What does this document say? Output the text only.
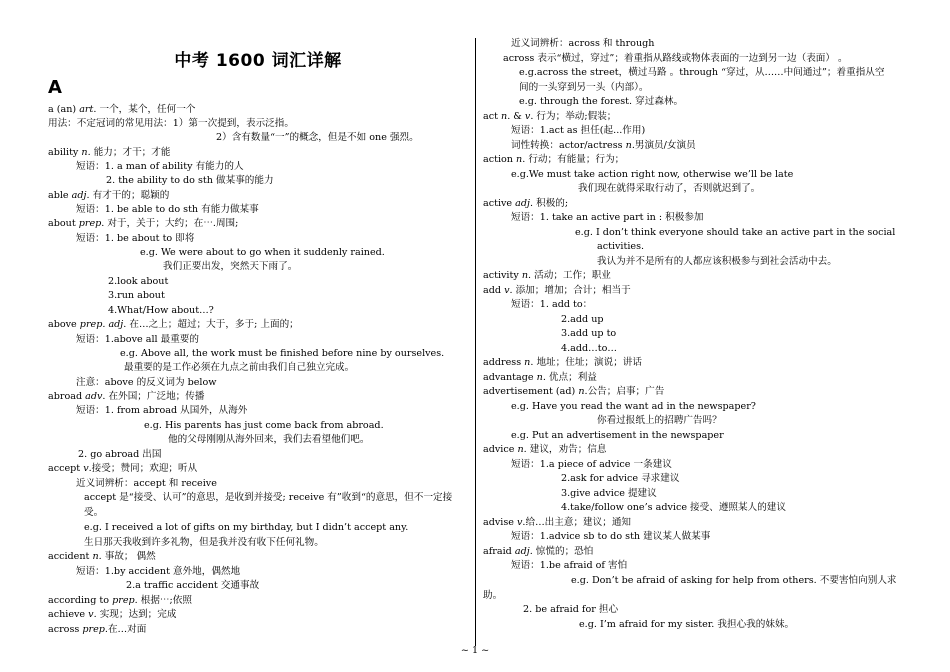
中考 1600 词汇详解
A
a (an) art. 一个，某个，任何一个
用法：不定冠词的常见用法：1）第一次提到，表示泛指。
2）含有数量“一”的概念，但是不如 one 强烈。
ability n. 能力；才干；才能
短语：1. a man of ability 有能力的人
2. the ability to do sth 做某事的能力
able adj. 有才干的；聪颖的
短语：1. be able to do sth 有能力做某事
about prep. 对于，关于；大约；在⋯.周围;
短语：1. be about to 即将
e.g. We were about to go when it suddenly rained.
我们正要出发，突然天下雨了。
2.look about
3.run about
4.What/How about…?
above prep. adj. 在…之上；超过；大于，多于; 上面的；
短语：1.above all 最重要的
e.g. Above all, the work must be finished before nine by ourselves.
最重要的是工作必须在九点之前由我们自己独立完成。
注意：above 的反义词为 below
abroad adv. 在外国；广泛地；传播
短语：1. from abroad 从国外，从海外
e.g. His parents has just come back from abroad.
他的父母刚刚从海外回来，我们去看望他们吧。
2. go abroad 出国
accept v.接受；赞同；欢迎；听从
近义词辨析：accept 和 receive
accept 是“接受、认可”的意思，是收到并接受; receive 有”收到“的意思，但不一定接受。
e.g. I received a lot of gifts on my birthday, but I didn’t accept any.
生日那天我收到许多礼物，但是我并没有收下任何礼物。
accident n. 事故； 偶然
短语：1.by accident 意外地，偶然地
2.a traffic accident 交通事故
according to prep. 根据⋯;依照
achieve v. 实现；达到；完成
across prep.在…对面
近义词辨析：across 和 through
across 表示“横过，穿过”；着重指从路线或物体表面的一边到另一边（表面） 。
e.g.across the street，横过马路 。through “穿过，从……中间通过”；着重指从空
间的一头穿到另一头（内部）。
e.g. through the forest. 穿过森林。
act n. & v. 行为；举动;假装；
短语：1.act as 担任(起...作用)
词性转换：actor/actress n.男演员/女演员
action n. 行动；有能量；行为；
e.g.We must take action right now, otherwise we’ll be late
我们现在就得采取行动了，否则就迟到了。
active adj. 积极的;
短语：1. take an active part in : 积极参加
e.g. I don’t think everyone should take an active part in the social
activities.
我认为并不是所有的人都应该积极参与到社会活动中去。
activity n. 活动；工作；职业
add v. 添加；增加；合计；相当于
短语：1. add to：
2.add up
3.add up to
4.add…to…
address n. 地址；住址；演说；讲话
advantage n. 优点；利益
advertisement (ad) n.公告；启事；广告
e.g. Have you read the want ad in the newspaper?
你看过报纸上的招聘广告吗？
e.g. Put an advertisement in the newspaper
advice n. 建议，劝告；信息
短语：1.a piece of advice 一条建议
2.ask for advice 寻求建议
3.give advice 提建议
4.take/follow one’s advice 接受、遵照某人的建议
advise v.给…出主意；建议；通知
短语：1.advice sb to do sth 建议某人做某事
afraid adj. 惊慌的；恐怕
短语：1.be afraid of 害怕
e.g. Don’t be afraid of asking for help from others. 不要害怕向别人求助。
2. be afraid for 担心
e.g. I’m afraid for my sister. 我担心我的妹妹。
~ 1 ~
